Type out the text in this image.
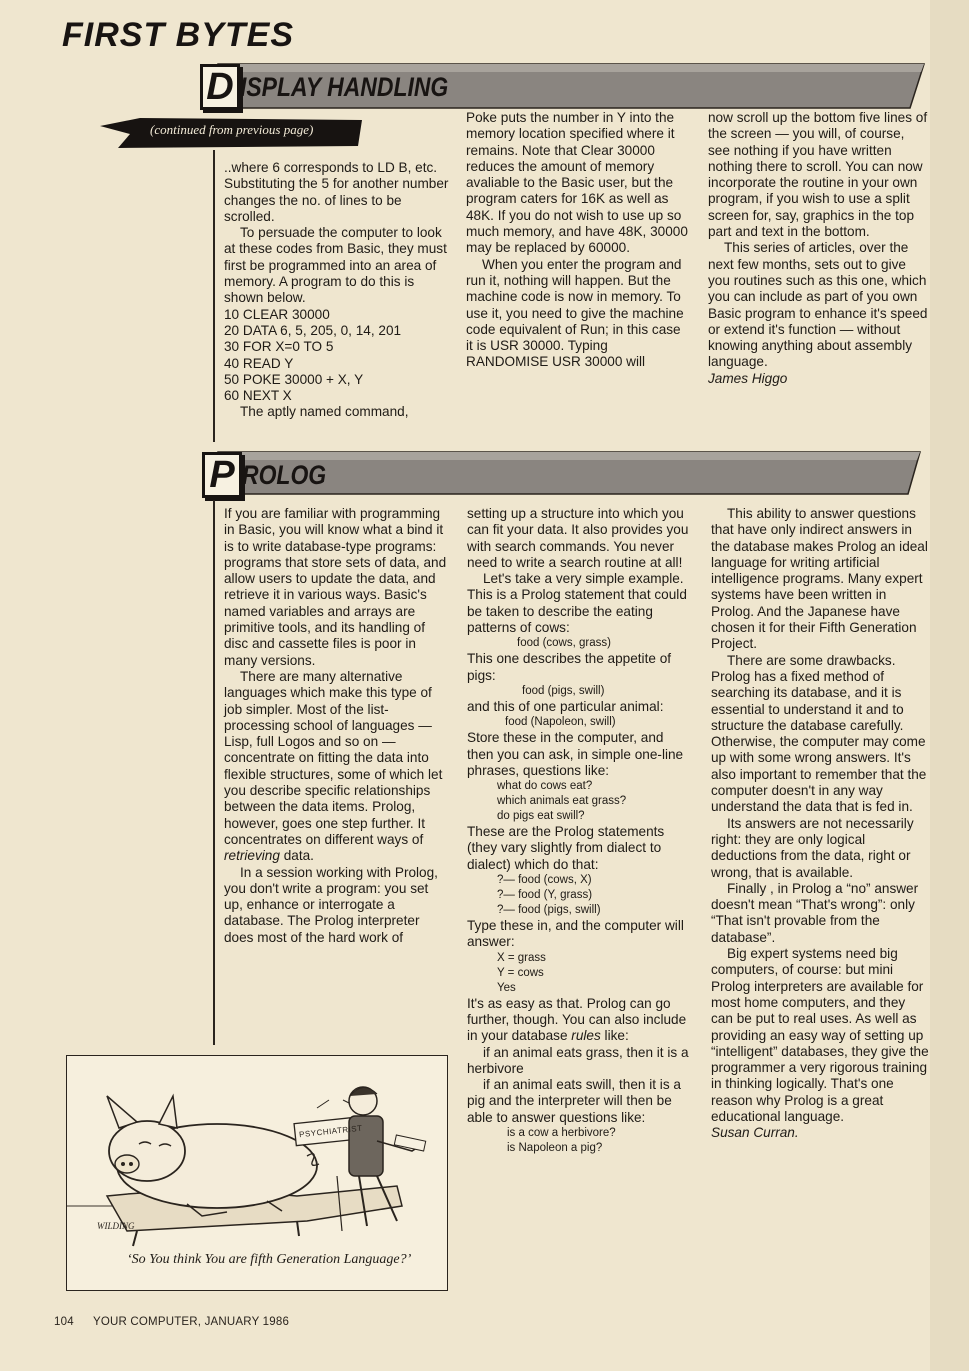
FIRST BYTES
D ISPLAY HANDLING
(continued from previous page)

..where 6 corresponds to LD B, etc. Substituting the 5 for another number changes the no. of lines to be scrolled.

To persuade the computer to look at these codes from Basic, they must first be programmed into an area of memory. A program to do this is shown below.

10 CLEAR 30000

20 DATA 6, 5, 205, 0, 14, 201

30 FOR X=0 TO 5

40 READ Y

50 POKE 30000 + X, Y

60 NEXT X

The aptly named command,

Poke puts the number in Y into the memory location specified where it remains. Note that Clear 30000 reduces the amount of memory avaliable to the Basic user, but the program caters for 16K as well as 48K. If you do not wish to use up so much memory, and have 48K, 30000 may be replaced by 60000.

When you enter the program and run it, nothing will happen. But the machine code is now in memory. To use it, you need to give the machine code equivalent of Run; in this case it is USR 30000. Typing RANDOMISE USR 30000 will

now scroll up the bottom five lines of the screen — you will, of course, see nothing if you have written nothing there to scroll. You can now incorporate the routine in your own program, if you wish to use a split screen for, say, graphics in the top part and text in the bottom.

This series of articles, over the next few months, sets out to give you routines such as this one, which you can include as part of you own Basic program to enhance it's speed or extend it's function — without knowing anything about assembly language.

James Higgo

P ROLOG

If you are familiar with programming in Basic, you will know what a bind it is to write database-type programs: programs that store sets of data, and allow users to update the data, and retrieve it in various ways. Basic's named variables and arrays are primitive tools, and its handling of disc and cassette files is poor in many versions.

There are many alternative languages which make this type of job simpler. Most of the list-processing school of languages — Lisp, full Logos and so on — concentrate on fitting the data into flexible structures, some of which let you describe specific relationships between the data items. Prolog, however, goes one step further. It concentrates on different ways of retrieving data.

In a session working with Prolog, you don't write a program: you set up, enhance or interrogate a database. The Prolog interpreter does most of the hard work of

setting up a structure into which you can fit your data. It also provides you with search commands. You never need to write a search routine at all!

Let's take a very simple example. This is a Prolog statement that could be taken to describe the eating patterns of cows:

food (cows, grass)

This one describes the appetite of pigs:

food (pigs, swill)

and this of one particular animal:

food (Napoleon, swill)

Store these in the computer, and then you can ask, in simple one-line phrases, questions like:

what do cows eat?

which animals eat grass?

do pigs eat swill?

These are the Prolog statements (they vary slightly from dialect to dialect) which do that:

?— food (cows, X)

?— food (Y, grass)

?— food (pigs, swill)

Type these in, and the computer will answer:

X = grass

Y = cows

Yes

It's as easy as that. Prolog can go further, though. You can also include in your database rules like:

if an animal eats grass, then it is a herbivore

if an animal eats swill, then it is a pig and the interpreter will then be able to answer questions like:

is a cow a herbivore?

is Napoleon a pig?

This ability to answer questions that have only indirect answers in the database makes Prolog an ideal language for writing artificial intelligence programs. Many expert systems have been written in Prolog. And the Japanese have chosen it for their Fifth Generation Project.

There are some drawbacks. Prolog has a fixed method of searching its database, and it is essential to understand it and to structure the database carefully. Otherwise, the computer may come up with some wrong answers. It's also important to remember that the computer doesn't in any way understand the data that is fed in.

Its answers are not necessarily right: they are only logical deductions from the data, right or wrong, that is available.

Finally , in Prolog a “no” answer doesn't mean “That's wrong”: only “That isn't provable from the database”.

Big expert systems need big computers, of course: but mini Prolog interpreters are available for most home computers, and they can be put to real uses. As well as providing an easy way of setting up “intelligent” databases, they give the programmer a very rigorous training in thinking logically. That's one reason why Prolog is a great educational language.

Susan Curran.

PSYCHIATRIST
WILDING
‘So You think You are fifth Generation Language?’
104 YOUR COMPUTER, JANUARY 1986
